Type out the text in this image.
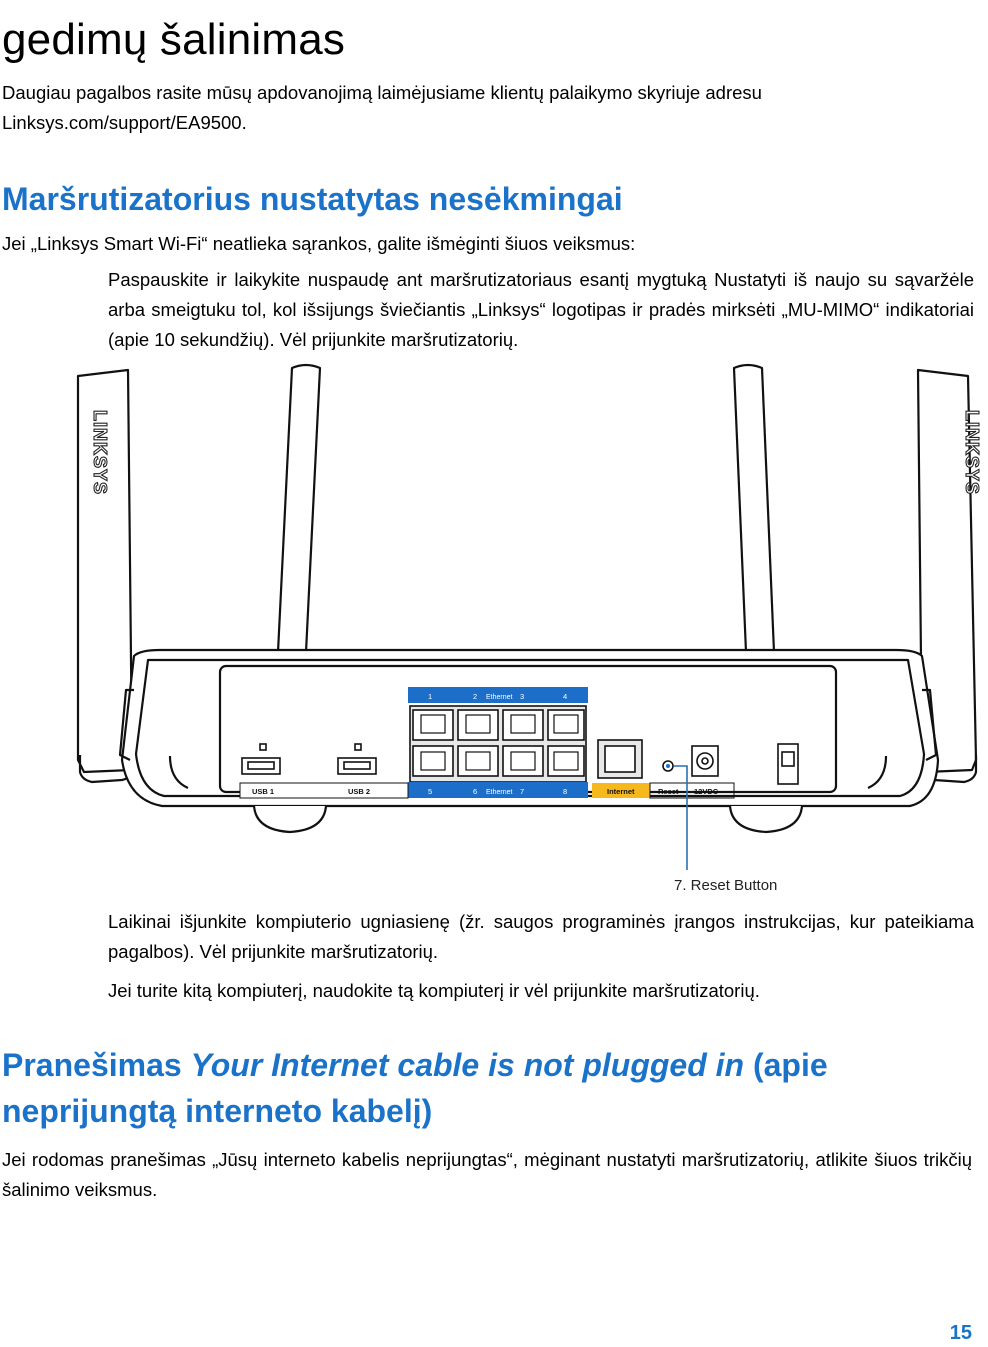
gedimų šalinimas

Daugiau pagalbos rasite mūsų apdovanojimą laimėjusiame klientų palaikymo skyriuje adresu

Linksys.com/support/EA9500.

Maršrutizatorius nustatytas nesėkmingai

Jei „Linksys Smart Wi-Fi“ neatlieka sąrankos, galite išmėginti šiuos veiksmus:

Paspauskite ir laikykite nuspaudę ant maršrutizatoriaus esantį mygtuką Nustatyti iš naujo su sąvaržėle arba smeigtuku tol, kol išsijungs šviečiantis „Linksys“ logotipas ir pradės mirksėti „MU-MIMO“ indikatoriai (apie 10 sekundžių). Vėl prijunkite maršrutizatorių.

LINKSYS	LINKSYS
1	2 Ethernet 3	4
5	6 Ethernet 7	8
USB 1	USB 2	Internet	Reset 12VDC
7. Reset Button

Laikinai išjunkite kompiuterio ugniasienę (žr. saugos programinės įrangos instrukcijas, kur pateikiama pagalbos). Vėl prijunkite maršrutizatorių.

Jei turite kitą kompiuterį, naudokite tą kompiuterį ir vėl prijunkite maršrutizatorių.

Pranešimas Your Internet cable is not plugged in (apie
neprijungtą interneto kabelį)

Jei rodomas pranešimas „Jūsų interneto kabelis neprijungtas“, mėginant nustatyti maršrutizatorių, atlikite šiuos trikčių šalinimo veiksmus.

15
